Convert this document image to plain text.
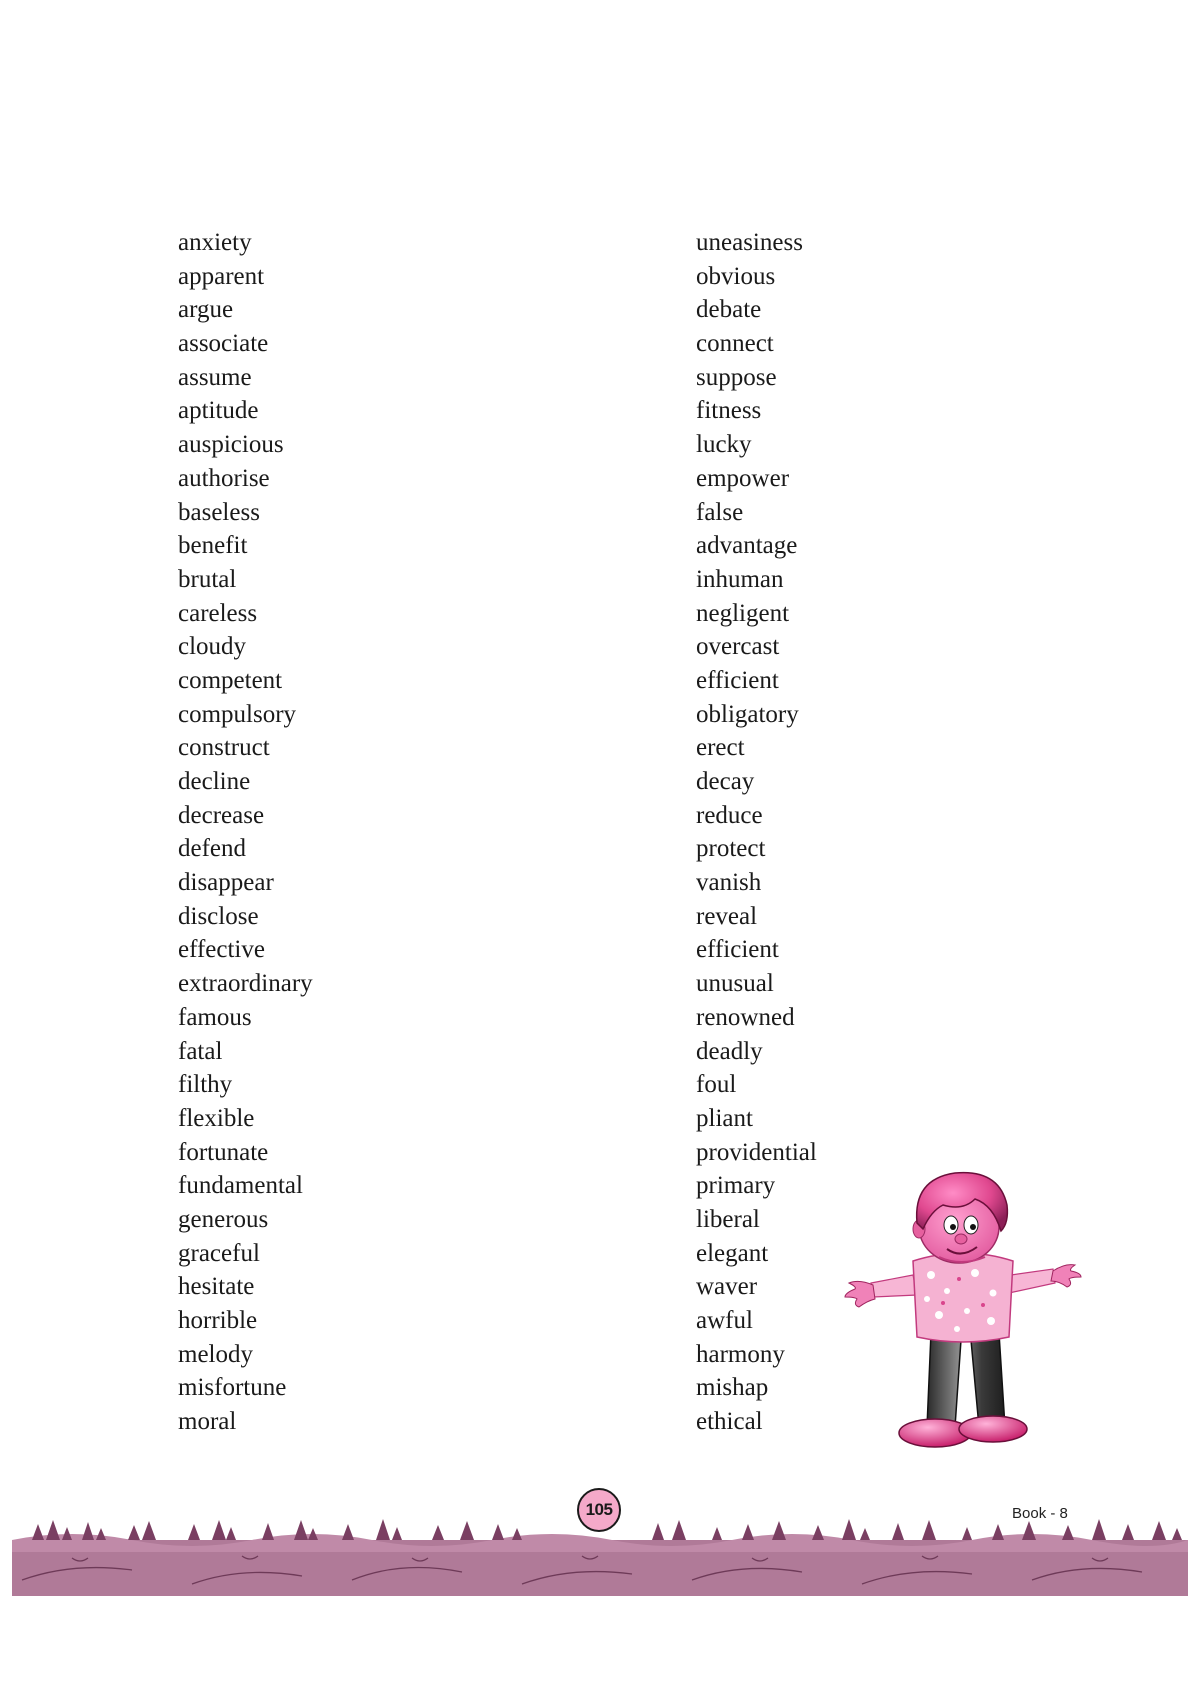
anxiety
apparent
argue
associate
assume
aptitude
auspicious
authorise
baseless
benefit
brutal
careless
cloudy
competent
compulsory
construct
decline
decrease
defend
disappear
disclose
effective
extraordinary
famous
fatal
filthy
flexible
fortunate
fundamental
generous
graceful
hesitate
horrible
melody
misfortune
moral
uneasiness
obvious
debate
connect
suppose
fitness
lucky
empower
false
advantage
inhuman
negligent
overcast
efficient
obligatory
erect
decay
reduce
protect
vanish
reveal
efficient
unusual
renowned
deadly
foul
pliant
providential
primary
liberal
elegant
waver
awful
harmony
mishap
ethical
105	Book - 8
